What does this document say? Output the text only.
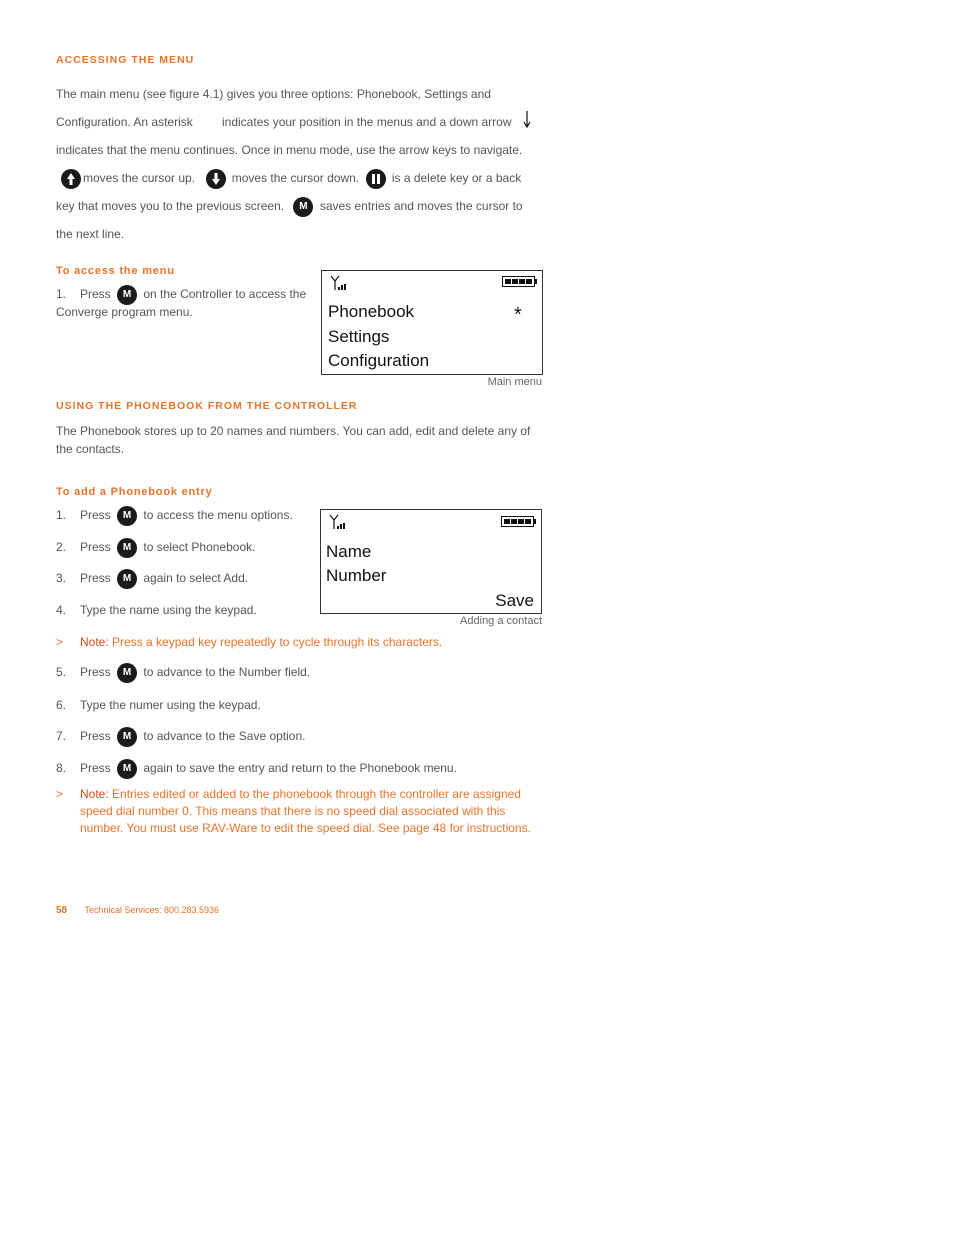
ACCESSING THE MENU
The main menu (see figure 4.1) gives you three options: Phonebook, Settings and
Configuration. An asterisk indicates your position in the menus and a down arrow
indicates that the menu continues. Once in menu mode, use the arrow keys to navigate.
moves the cursor up.	moves the cursor down.	is a delete key or a back
key that moves you to the previous screen. M saves entries and moves the cursor to
the next line.
To access the menu
1. Press M on the Controller to access the
Converge program menu.	Phonebook	*
Settings
Configuration
Main menu
USING THE PHONEBOOK FROM THE CONTROLLER
The Phonebook stores up to 20 names and numbers. You can add, edit and delete any of
the contacts.
To add a Phonebook entry
1. Press M to access the menu options.
2. Press M to select Phonebook.
3. Press M again to select Add.
4. Type the name using the keypad.
Name
Number
Save
Adding a contact
> Note: Press a keypad key repeatedly to cycle through its characters.
5. Press M to advance to the Number field.
6. Type the numer using the keypad.
7. Press M to advance to the Save option.
8. Press M again to save the entry and return to the Phonebook menu.
> Note: Entries edited or added to the phonebook through the controller are assigned
speed dial number 0. This means that there is no speed dial associated with this
number. You must use RAV-Ware to edit the speed dial. See page 48 for instructions.
58 Technical Services: 800.283.5936
